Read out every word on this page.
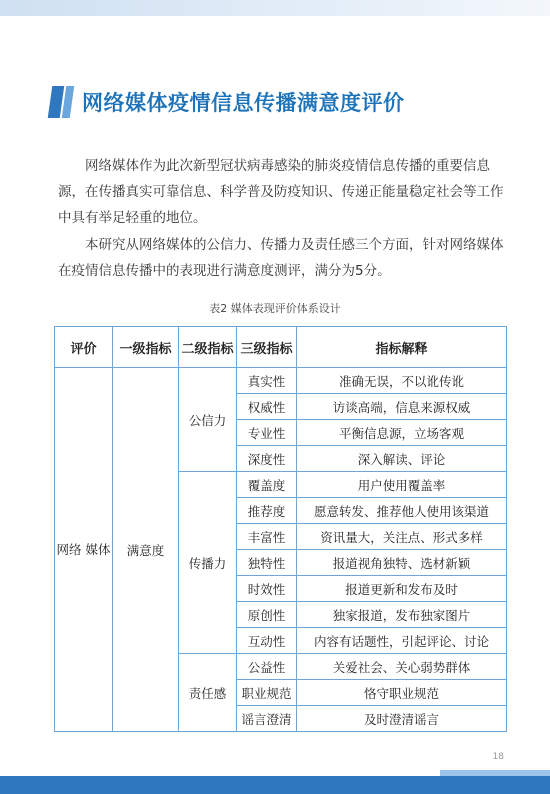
网络媒体疫情信息传播满意度评价

网络媒体作为此次新型冠状病毒感染的肺炎疫情信息传播的重要信息源，在传播真实可靠信息、科学普及防疫知识、传递正能量稳定社会等工作中具有举足轻重的地位。

本研究从网络媒体的公信力、传播力及责任感三个方面，针对网络媒体在疫情信息传播中的表现进行满意度测评，满分为5分。

表2 媒体表现评价体系设计
评价	一级指标	二级指标	三级指标	指标解释
网络 媒体	满意度	公信力	真实性	准确无误，不以讹传讹
			权威性	访谈高端，信息来源权威
			专业性	平衡信息源，立场客观
			深度性	深入解读、评论
		传播力	覆盖度	用户使用覆盖率
			推荐度	愿意转发、推荐他人使用该渠道
			丰富性	资讯量大，关注点、形式多样
			独特性	报道视角独特、选材新颖
			时效性	报道更新和发布及时
			原创性	独家报道，发布独家图片
			互动性	内容有话题性，引起评论、讨论
		责任感	公益性	关爱社会、关心弱势群体
			职业规范	恪守职业规范
			谣言澄清	及时澄清谣言
18
